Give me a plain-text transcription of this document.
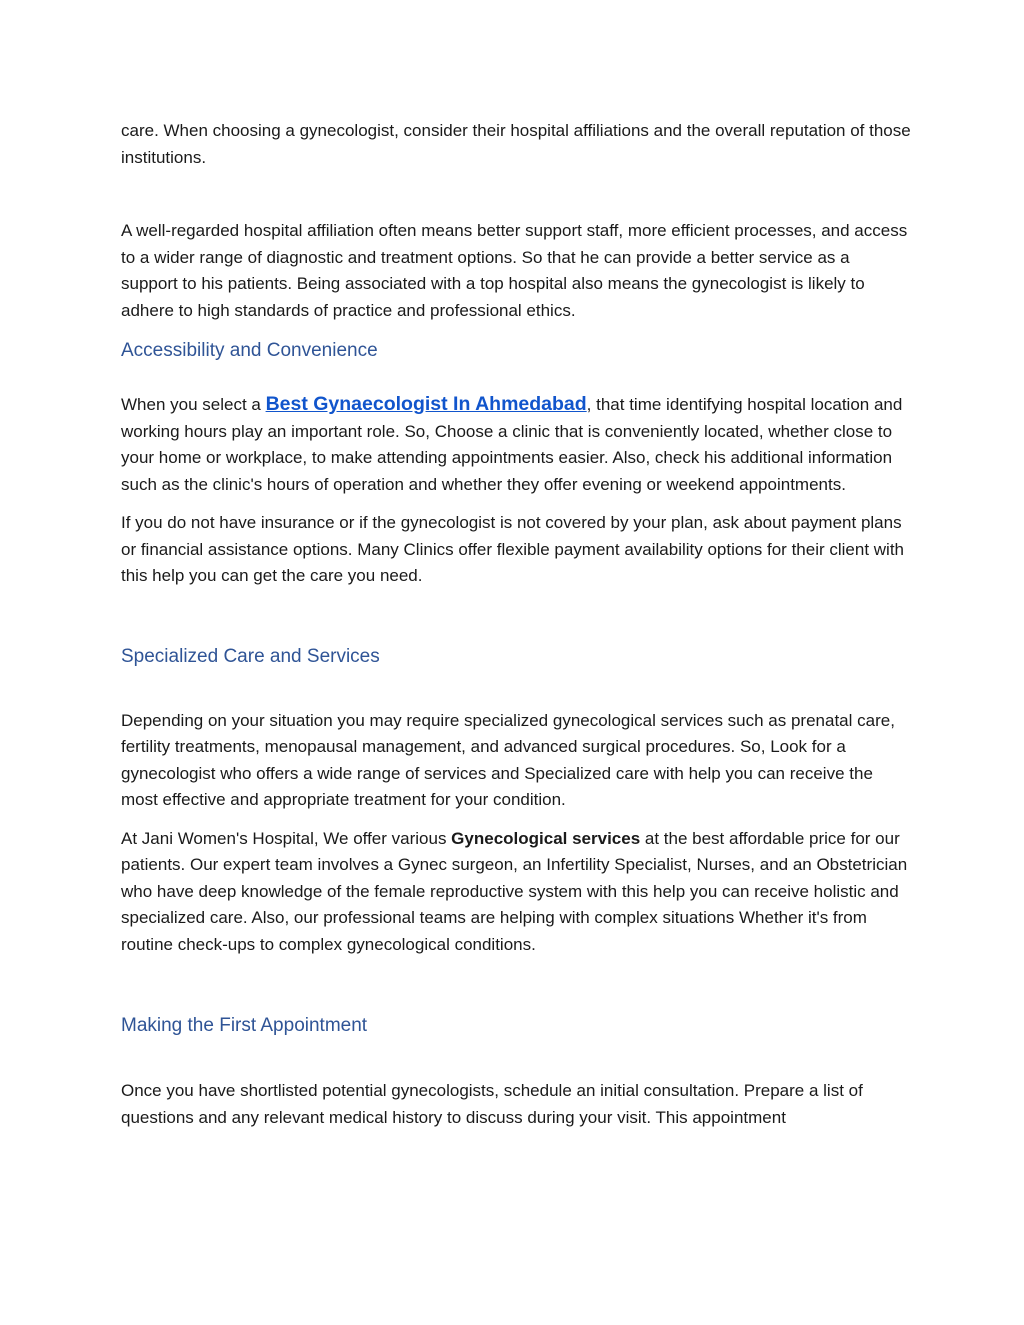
care. When choosing a gynecologist, consider their hospital affiliations and the overall reputation of those institutions.

A well-regarded hospital affiliation often means better support staff, more efficient processes, and access to a wider range of diagnostic and treatment options. So that he can provide a better service as a support to his patients. Being associated with a top hospital also means the gynecologist is likely to adhere to high standards of practice and professional ethics.

Accessibility and Convenience

When you select a Best Gynaecologist In Ahmedabad, that time identifying hospital location and working hours play an important role. So, Choose a clinic that is conveniently located, whether close to your home or workplace, to make attending appointments easier. Also, check his additional information such as the clinic's hours of operation and whether they offer evening or weekend appointments.

If you do not have insurance or if the gynecologist is not covered by your plan, ask about payment plans or financial assistance options. Many Clinics offer flexible payment availability options for their client with this help you can get the care you need.

Specialized Care and Services

Depending on your situation you may require specialized gynecological services such as prenatal care, fertility treatments, menopausal management, and advanced surgical procedures. So, Look for a gynecologist who offers a wide range of services and Specialized care with help you can receive the most effective and appropriate treatment for your condition.

At Jani Women's Hospital, We offer various Gynecological services at the best affordable price for our patients. Our expert team involves a Gynec surgeon, an Infertility Specialist, Nurses, and an Obstetrician who have deep knowledge of the female reproductive system with this help you can receive holistic and specialized care. Also, our professional teams are helping with complex situations Whether it's from routine check-ups to complex gynecological conditions.

Making the First Appointment

Once you have shortlisted potential gynecologists, schedule an initial consultation. Prepare a list of questions and any relevant medical history to discuss during your visit. This appointment
